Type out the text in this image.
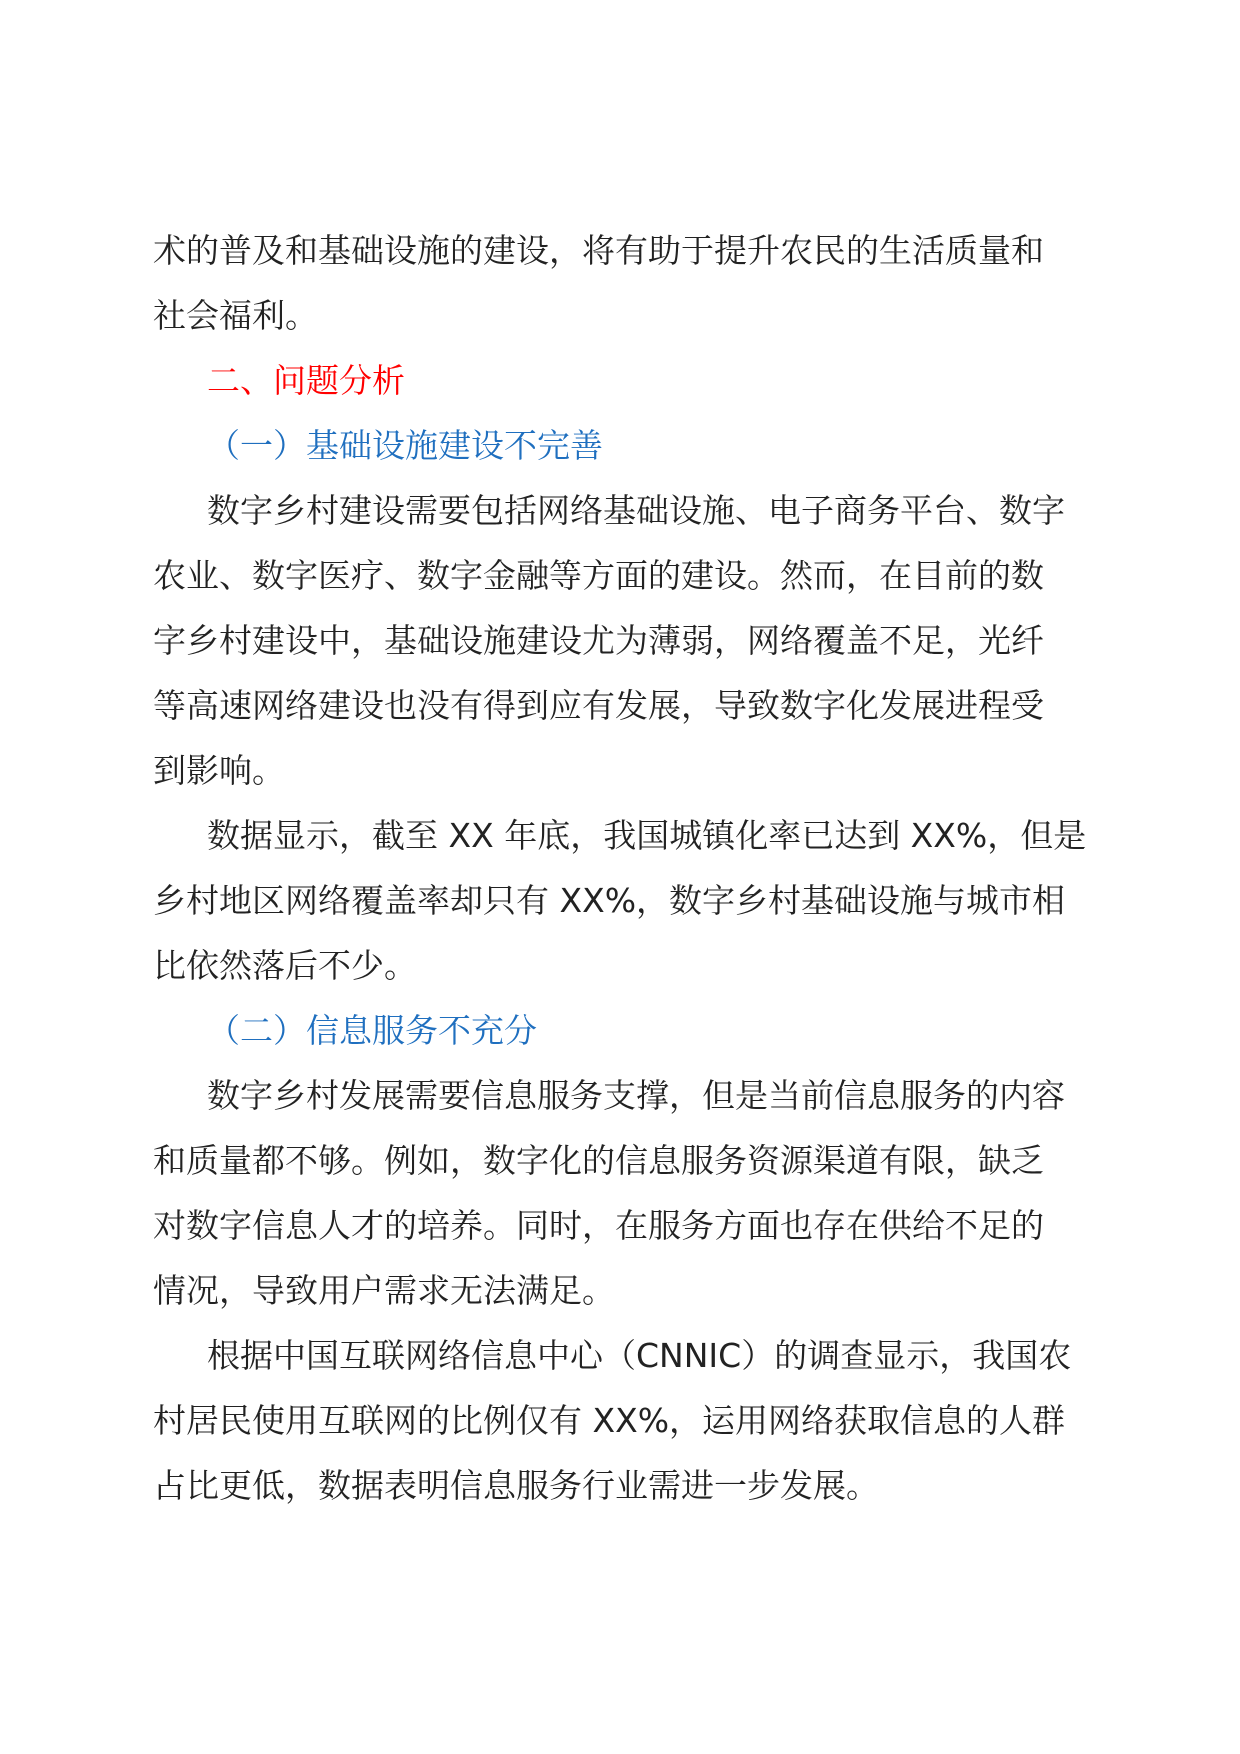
术的普及和基础设施的建设，将有助于提升农民的生活质量和

社会福利。

二、问题分析

（一）基础设施建设不完善

数字乡村建设需要包括网络基础设施、电子商务平台、数字

农业、数字医疗、数字金融等方面的建设。然而，在目前的数

字乡村建设中，基础设施建设尤为薄弱，网络覆盖不足，光纤

等高速网络建设也没有得到应有发展，导致数字化发展进程受

到影响。

数据显示，截至 XX 年底，我国城镇化率已达到 XX%，但是

乡村地区网络覆盖率却只有 XX%，数字乡村基础设施与城市相

比依然落后不少。

（二）信息服务不充分

数字乡村发展需要信息服务支撑，但是当前信息服务的内容

和质量都不够。例如，数字化的信息服务资源渠道有限，缺乏

对数字信息人才的培养。同时，在服务方面也存在供给不足的

情况，导致用户需求无法满足。

根据中国互联网络信息中心（CNNIC）的调查显示，我国农

村居民使用互联网的比例仅有 XX%，运用网络获取信息的人群

占比更低，数据表明信息服务行业需进一步发展。
